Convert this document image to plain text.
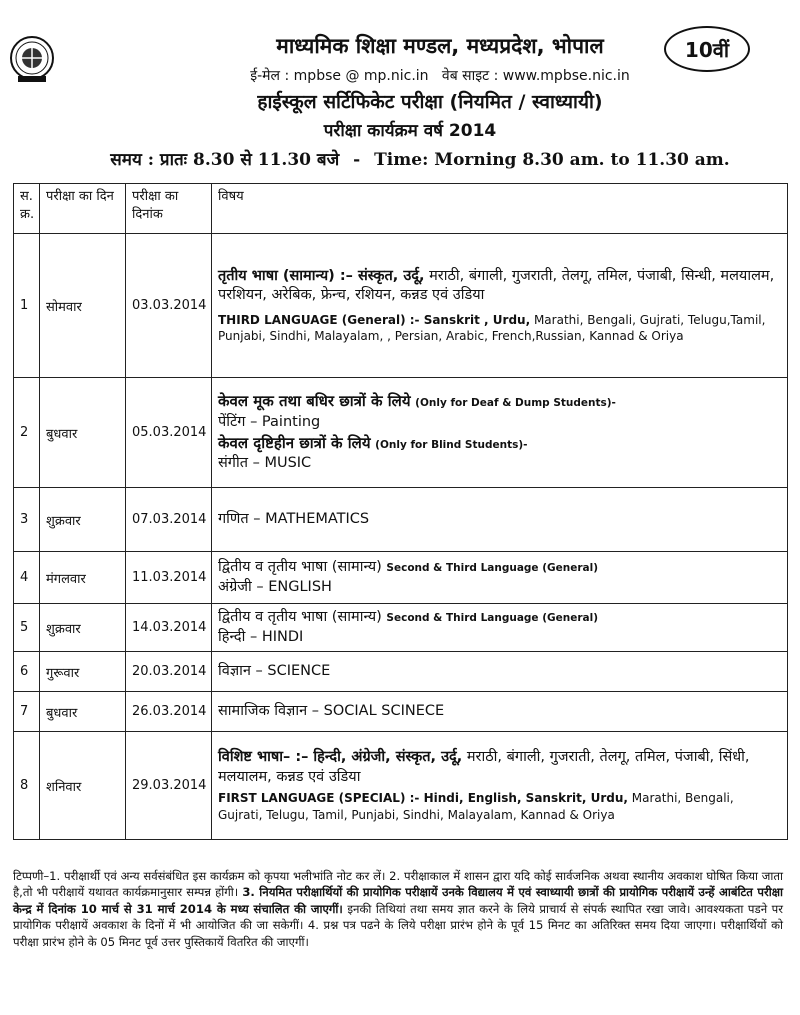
10वीं
माध्यमिक शिक्षा मण्डल, मध्यप्रदेश, भोपाल
ई-मेल : mpbse @ mp.nic.in वेब साइट : www.mpbse.nic.in
हाईस्कूल सर्टिफिकेट परीक्षा (नियमित / स्वाध्यायी)
परीक्षा कार्यक्रम वर्ष 2014
समय : प्रातः 8.30 से 11.30 बजे - Time: Morning 8.30 am. to 11.30 am.
स. क्र.	परीक्षा का दिन	परीक्षा का दिनांक	विषय
1	सोमवार	03.03.2014	तृतीय भाषा (सामान्य) :– संस्कृत, उर्दू, मराठी, बंगाली, गुजराती, तेलगू, तमिल, पंजाबी, सिन्धी, मलयालम, परशियन, अरेबिक, फ्रेन्च, रशियन, कन्नड एवं उडिया
THIRD LANGUAGE (General) :- Sanskrit , Urdu, Marathi, Bengali, Gujrati, Telugu,Tamil, Punjabi, Sindhi, Malayalam, , Persian, Arabic, French,Russian, Kannad & Oriya

2	बुधवार	05.03.2014	केवल मूक तथा बधिर छात्रों के लिये (Only for Deaf & Dump Students)-
पेंटिंग – Painting
केवल दृष्टिहीन छात्रों के लिये (Only for Blind Students)-
संगीत – MUSIC

3	शुक्रवार	07.03.2014	गणित – MATHEMATICS
4	मंगलवार	11.03.2014	द्वितीय व तृतीय भाषा (सामान्य) Second & Third Language (General)
अंग्रेजी – ENGLISH

5	शुक्रवार	14.03.2014	द्वितीय व तृतीय भाषा (सामान्य) Second & Third Language (General)
हिन्दी – HINDI

6	गुरूवार	20.03.2014	विज्ञान – SCIENCE
7	बुधवार	26.03.2014	सामाजिक विज्ञान – SOCIAL SCINECE
8	शनिवार	29.03.2014	विशिष्ट भाषा– :– हिन्दी, अंग्रेजी, संस्कृत, उर्दू, मराठी, बंगाली, गुजराती, तेलगू, तमिल, पंजाबी, सिंधी, मलयालम, कन्नड एवं उडिया
FIRST LANGUAGE (SPECIAL) :- Hindi, English, Sanskrit, Urdu, Marathi, Bengali, Gujrati, Telugu, Tamil, Punjabi, Sindhi, Malayalam, Kannad & Oriya
टिप्पणी–1. परीक्षार्थी एवं अन्य सर्वसंबंधित इस कार्यक्रम को कृपया भलीभांति नोट कर लें। 2. परीक्षाकाल में शासन द्वारा यदि कोई सार्वजनिक अथवा स्थानीय अवकाश घोषित किया जाता है,तो भी परीक्षायें यथावत कार्यक्रमानुसार सम्पन्न होंगी। 3. नियमित परीक्षार्थियों की प्रायोगिक परीक्षायें उनके विद्यालय में एवं स्वाध्यायी छात्रों की प्रायोगिक परीक्षायें उन्हें आबंटित परीक्षा केन्द्र में दिनांक 10 मार्च से 31 मार्च 2014 के मध्य संचालित की जाएगीं। इनकी तिथियां तथा समय ज्ञात करने के लिये प्राचार्य से संपर्क स्थापित रखा जावे। आवश्यकता पडने पर प्रायोगिक परीक्षायें अवकाश के दिनों में भी आयोजित की जा सकेगीं। 4. प्रश्न पत्र पढने के लिये परीक्षा प्रारंभ होने के पूर्व 15 मिनट का अतिरिक्त समय दिया जाएगा। परीक्षार्थियों को परीक्षा प्रारंभ होने के 05 मिनट पूर्व उत्तर पुस्तिकायें वितरित की जाएगीं।
